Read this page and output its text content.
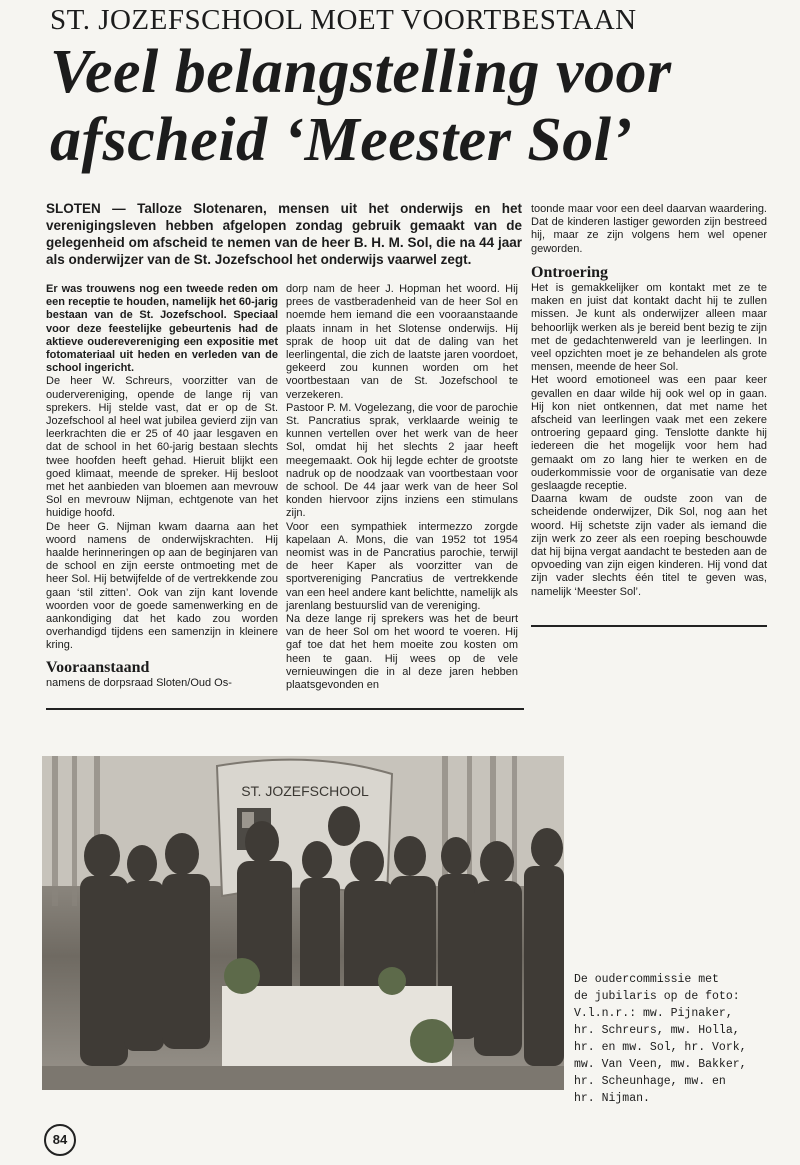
ST. JOZEFSCHOOL MOET VOORTBESTAAN
Veel belangstelling voor
afscheid ‘Meester Sol’

SLOTEN — Talloze Slotenaren, mensen uit het onderwijs en het verenigingsleven hebben afgelopen zondag gebruik gemaakt van de gelegenheid om afscheid te nemen van de heer B. H. M. Sol, die na 44 jaar als onderwijzer van de St. Jozefschool het onderwijs vaarwel zegt.

Er was trouwens nog een tweede reden om een receptie te houden, namelijk het 60-jarig bestaan van de St. Jozefschool. Speciaal voor deze feestelijke gebeurtenis had de aktieve ouderevereniging een expositie met fotomateriaal uit heden en verleden van de school ingericht.

De heer W. Schreurs, voorzitter van de oudervereniging, opende de lange rij van sprekers. Hij stelde vast, dat er op de St. Jozefschool al heel wat jubilea gevierd zijn van leerkrachten die er 25 of 40 jaar lesgaven en dat de school in het 60-jarig bestaan slechts twee hoofden heeft gehad. Hieruit blijkt een goed klimaat, meende de spreker. Hij besloot met het aanbieden van bloemen aan mevrouw Sol en mevrouw Nijman, echtgenote van het huidige hoofd.

De heer G. Nijman kwam daarna aan het woord namens de onderwijskrachten. Hij haalde herinneringen op aan de beginjaren van de school en zijn eerste ontmoeting met de heer Sol. Hij betwijfelde of de vertrekkende zou gaan ‘stil zitten’. Ook van zijn kant lovende woorden voor de goede samenwerking en de aankondiging dat het kado zou worden overhandigd tijdens een samenzijn in kleinere kring.

Vooraanstaand

namens de dorpsraad Sloten/Oud Os-

dorp nam de heer J. Hopman het woord. Hij prees de vastberadenheid van de heer Sol en noemde hem iemand die een vooraanstaande plaats innam in het Slotense onderwijs. Hij sprak de hoop uit dat de daling van het leerlingental, die zich de laatste jaren voordoet, gekeerd zou kunnen worden om het voortbestaan van de St. Jozefschool te verzekeren.

Pastoor P. M. Vogelezang, die voor de parochie St. Pancratius sprak, verklaarde weinig te kunnen vertellen over het werk van de heer Sol, omdat hij het slechts 2 jaar heeft meegemaakt. Ook hij legde echter de grootste nadruk op de noodzaak van voortbestaan voor de school. De 44 jaar werk van de heer Sol konden hiervoor zijns inziens een stimulans zijn.

Voor een sympathiek intermezzo zorgde kapelaan A. Mons, die van 1952 tot 1954 neomist was in de Pancratius parochie, terwijl de heer Kaper als voorzitter van de sportvereniging Pancratius de vertrekkende van een heel andere kant belichtte, namelijk als jarenlang bestuurslid van de vereniging.

Na deze lange rij sprekers was het de beurt van de heer Sol om het woord te voeren. Hij gaf toe dat het hem moeite zou kosten om heen te gaan. Hij wees op de vele vernieuwingen die in al deze jaren hebben plaatsgevonden en

toonde maar voor een deel daarvan waardering. Dat de kinderen lastiger geworden zijn bestreed hij, maar ze zijn volgens hem wel opener geworden.

Ontroering

Het is gemakkelijker om kontakt met ze te maken en juist dat kontakt dacht hij te zullen missen. Je kunt als onderwijzer alleen maar behoorlijk werken als je bereid bent bezig te zijn met de gedachtenwereld van je leerlingen. In veel opzichten moet je ze behandelen als grote mensen, meende de heer Sol.

Het woord emotioneel was een paar keer gevallen en daar wilde hij ook wel op in gaan. Hij kon niet ontkennen, dat met name het afscheid van leerlingen vaak met een zekere ontroering gepaard ging. Tenslotte dankte hij iedereen die het mogelijk voor hem had gemaakt om zo lang hier te werken en de ouderkommissie voor de organisatie van deze geslaagde receptie.

Daarna kwam de oudste zoon van de scheidende onderwijzer, Dik Sol, nog aan het woord. Hij schetste zijn vader als iemand die zijn werk zo zeer als een roeping beschouwde dat hij bijna vergat aandacht te besteden aan de opvoeding van zijn eigen kinderen. Hij vond dat zijn vader slechts één titel te geven was, namelijk ‘Meester Sol’.

ST. JOZEFSCHOOL

De oudercommissie met
de jubilaris op de foto:
V.l.n.r.: mw. Pijnaker,
hr. Schreurs, mw. Holla,
hr. en mw. Sol, hr. Vork,
mw. Van Veen, mw. Bakker,
hr. Scheunhage, mw. en
hr. Nijman.

84
